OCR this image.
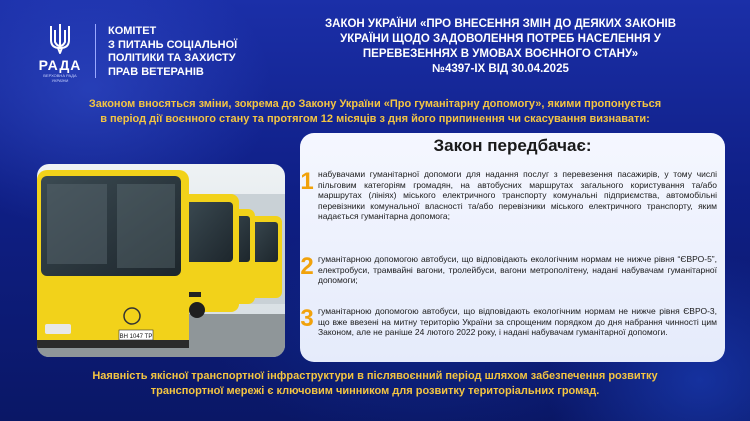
РАДА
ВЕРХОВНА РАДА УКРАЇНИ
КОМІТЕТ
З ПИТАНЬ СОЦІАЛЬНОЇ
ПОЛІТИКИ ТА ЗАХИСТУ
ПРАВ ВЕТЕРАНІВ
ЗАКОН УКРАЇНИ «ПРО ВНЕСЕННЯ ЗМІН ДО ДЕЯКИХ ЗАКОНІВ
УКРАЇНИ ЩОДО ЗАДОВОЛЕННЯ ПОТРЕБ НАСЕЛЕННЯ У
ПЕРЕВЕЗЕННЯХ В УМОВАХ ВОЄННОГО СТАНУ»
№4397-IX ВІД 30.04.2025
Законом вносяться зміни, зокрема до Закону України «Про гуманітарну допомогу», якими пропонується
в період дії воєнного стану та протягом 12 місяців з дня його припинення чи скасування визнавати:
ВН 1047 ТР
Закон передбачає:
1 набувачами гуманітарної допомоги для надання послуг з перевезення пасажирів, у тому числі пільговим категоріям громадян, на автобусних маршрутах загального користування та/або маршрутах (лініях) міського електричного транспорту комунальні підприємства, автомобільні перевізники комунальної власності та/або перевізники міського електричного транспорту, яким надається гуманітарна допомога;
2 гуманітарною допомогою автобуси, що відповідають екологічним нормам не нижче рівня “ЄВРО-5”, електробуси, трамвайні вагони, тролейбуси, вагони метрополітену, надані набувачам гуманітарної допомоги;
3 гуманітарною допомогою автобуси, що відповідають екологічним нормам не нижче рівня ЄВРО-3, що вже ввезені на митну територію України за спрощеним порядком до дня набрання чинності цим Законом, але не раніше 24 лютого 2022 року, і надані набувачам гуманітарної допомоги.
Наявність якісної транспортної інфраструктури в післявоєнний період шляхом забезпечення розвитку
транспортної мережі є ключовим чинником для розвитку територіальних громад.
